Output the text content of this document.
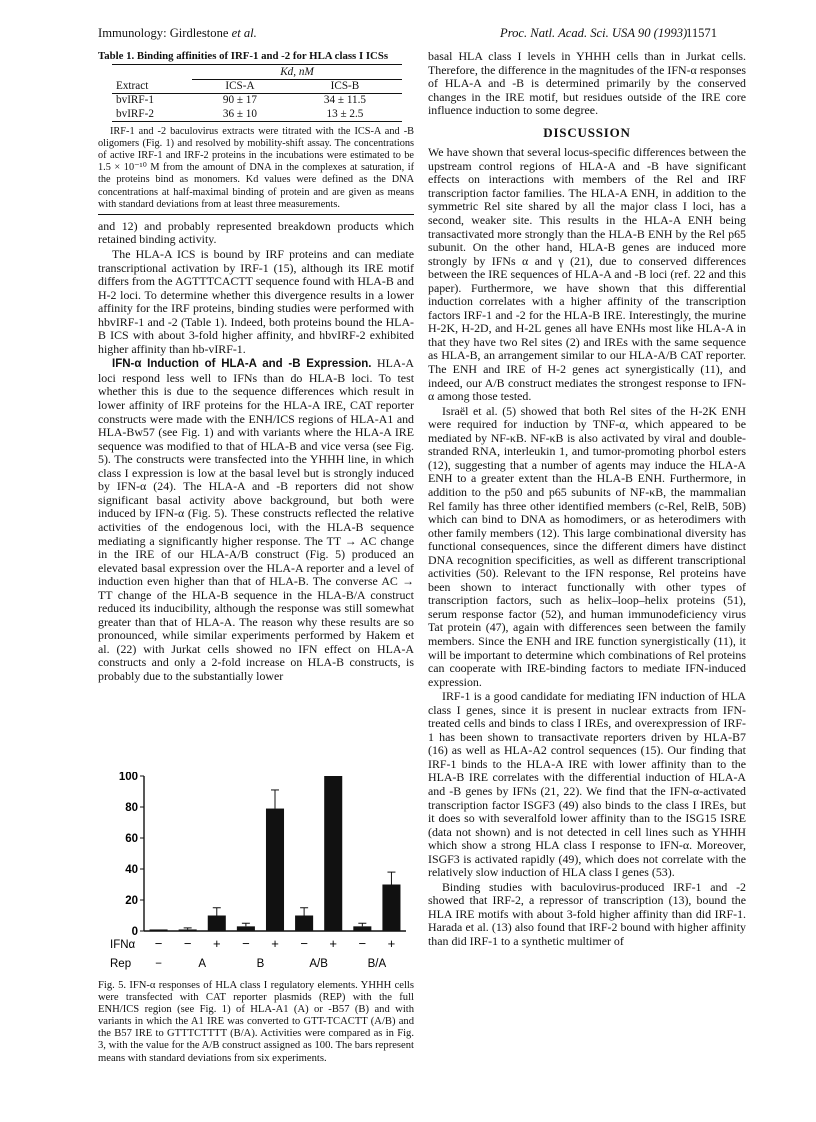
Immunology: Girdlestone et al.	Proc. Natl. Acad. Sci. USA 90 (1993)
11571
Table 1. Binding affinities of IRF-1 and -2 for HLA class I ICSs
	Kd, nM	
Extract	ICS-A	ICS-B
bvIRF-1	90 ± 17	34 ± 11.5
bvIRF-2	36 ± 10	13 ± 2.5
IRF-1 and -2 baculovirus extracts were titrated with the ICS-A and -B oligomers (Fig. 1) and resolved by mobility-shift assay. The concentrations of active IRF-1 and IRF-2 proteins in the incubations were estimated to be 1.5 × 10⁻¹⁰ M from the amount of DNA in the complexes at saturation, if the proteins bind as monomers. Kd values were defined as the DNA concentrations at half-maximal binding of protein and are given as means with standard deviations from at least three measurements.

and 12) and probably represented breakdown products which retained binding activity.

The HLA-A ICS is bound by IRF proteins and can mediate transcriptional activation by IRF-1 (15), although its IRE motif differs from the AGTTTCACTT sequence found with HLA-B and H-2 loci. To determine whether this divergence results in a lower affinity for the IRF proteins, binding studies were performed with hbvIRF-1 and -2 (Table 1). Indeed, both proteins bound the HLA-B ICS with about 3-fold higher affinity, and hbvIRF-2 exhibited higher affinity than hb-vIRF-1.

IFN-α Induction of HLA-A and -B Expression. HLA-A loci respond less well to IFNs than do HLA-B loci. To test whether this is due to the sequence differences which result in lower affinity of IRF proteins for the HLA-A IRE, CAT reporter constructs were made with the ENH/ICS regions of HLA-A1 and HLA-Bw57 (see Fig. 1) and with variants where the HLA-A IRE sequence was modified to that of HLA-B and vice versa (see Fig. 5). The constructs were transfected into the YHHH line, in which class I expression is low at the basal level but is strongly induced by IFN-α (24). The HLA-A and -B reporters did not show significant basal activity above background, but both were induced by IFN-α (Fig. 5). These constructs reflected the relative activities of the endogenous loci, with the HLA-B sequence mediating a significantly higher response. The TT → AC change in the IRE of our HLA-A/B construct (Fig. 5) produced an elevated basal expression over the HLA-A reporter and a level of induction even higher than that of HLA-B. The converse AC → TT change of the HLA-B sequence in the HLA-B/A construct reduced its inducibility, although the response was still somewhat greater than that of HLA-A. The reason why these results are so pronounced, while similar experiments performed by Hakem et al. (22) with Jurkat cells showed no IFN effect on HLA-A constructs and only a 2-fold increase on HLA-B constructs, is probably due to the substantially lower

0
20
40
60
80
100
IFNα − − + − + − + − +
Rep −	A	B	A/B	B/A
Fig. 5. IFN-α responses of HLA class I regulatory elements. YHHH cells were transfected with CAT reporter plasmids (REP) with the full ENH/ICS region (see Fig. 1) of HLA-A1 (A) or -B57 (B) and with variants in which the A1 IRE was converted to GTT-TCACTT (A/B) and the B57 IRE to GTTTCTTTT (B/A). Activities were compared as in Fig. 3, with the value for the A/B construct assigned as 100. The bars represent means with standard deviations from six experiments.

basal HLA class I levels in YHHH cells than in Jurkat cells. Therefore, the difference in the magnitudes of the IFN-α responses of HLA-A and -B is determined primarily by the conserved changes in the IRE motif, but residues outside of the IRE core influence induction to some degree.

DISCUSSION

We have shown that several locus-specific differences between the upstream control regions of HLA-A and -B have significant effects on interactions with members of the Rel and IRF transcription factor families. The HLA-A ENH, in addition to the symmetric Rel site shared by all the major class I loci, has a second, weaker site. This results in the HLA-A ENH being transactivated more strongly than the HLA-B ENH by the Rel p65 subunit. On the other hand, HLA-B genes are induced more strongly by IFNs α and γ (21), due to conserved differences between the IRE sequences of HLA-A and -B loci (ref. 22 and this paper). Furthermore, we have shown that this differential induction correlates with a higher affinity of the transcription factors IRF-1 and -2 for the HLA-B IRE. Interestingly, the murine H-2K, H-2D, and H-2L genes all have ENHs most like HLA-A in that they have two Rel sites (2) and IREs with the same sequence as HLA-B, an arrangement similar to our HLA-A/B CAT reporter. The ENH and IRE of H-2 genes act synergistically (11), and indeed, our A/B construct mediates the strongest response to IFN-α among those tested.

Israël et al. (5) showed that both Rel sites of the H-2K ENH were required for induction by TNF-α, which appeared to be mediated by NF-κB. NF-κB is also activated by viral and double-stranded RNA, interleukin 1, and tumor-promoting phorbol esters (12), suggesting that a number of agents may induce the HLA-A ENH to a greater extent than the HLA-B ENH. Furthermore, in addition to the p50 and p65 subunits of NF-κB, the mammalian Rel family has three other identified members (c-Rel, RelB, 50B) which can bind to DNA as homodimers, or as heterodimers with other family members (12). This large combinational diversity has functional consequences, since the different dimers have distinct DNA recognition specificities, as well as different transcriptional activities (50). Relevant to the IFN response, Rel proteins have been shown to interact functionally with other types of transcription factors, such as helix–loop–helix proteins (51), serum response factor (52), and human immunodeficiency virus Tat protein (47), again with differences seen between the family members. Since the ENH and IRE function synergistically (11), it will be important to determine which combinations of Rel proteins can cooperate with IRE-binding factors to mediate IFN-induced expression.

IRF-1 is a good candidate for mediating IFN induction of HLA class I genes, since it is present in nuclear extracts from IFN-treated cells and binds to class I IREs, and overexpression of IRF-1 has been shown to transactivate reporters driven by HLA-B7 (16) as well as HLA-A2 control sequences (15). Our finding that IRF-1 binds to the HLA-A IRE with lower affinity than to the HLA-B IRE correlates with the differential induction of HLA-A and -B genes by IFNs (21, 22). We find that the IFN-α-activated transcription factor ISGF3 (49) also binds to the class I IREs, but it does so with severalfold lower affinity than to the ISG15 ISRE (data not shown) and is not detected in cell lines such as YHHH which show a strong HLA class I response to IFN-α. Moreover, ISGF3 is activated rapidly (49), which does not correlate with the relatively slow induction of HLA class I genes (53).

Binding studies with baculovirus-produced IRF-1 and -2 showed that IRF-2, a repressor of transcription (13), bound the HLA IRE motifs with about 3-fold higher affinity than did IRF-1. Harada et al. (13) also found that IRF-2 bound with higher affinity than did IRF-1 to a synthetic multimer of
